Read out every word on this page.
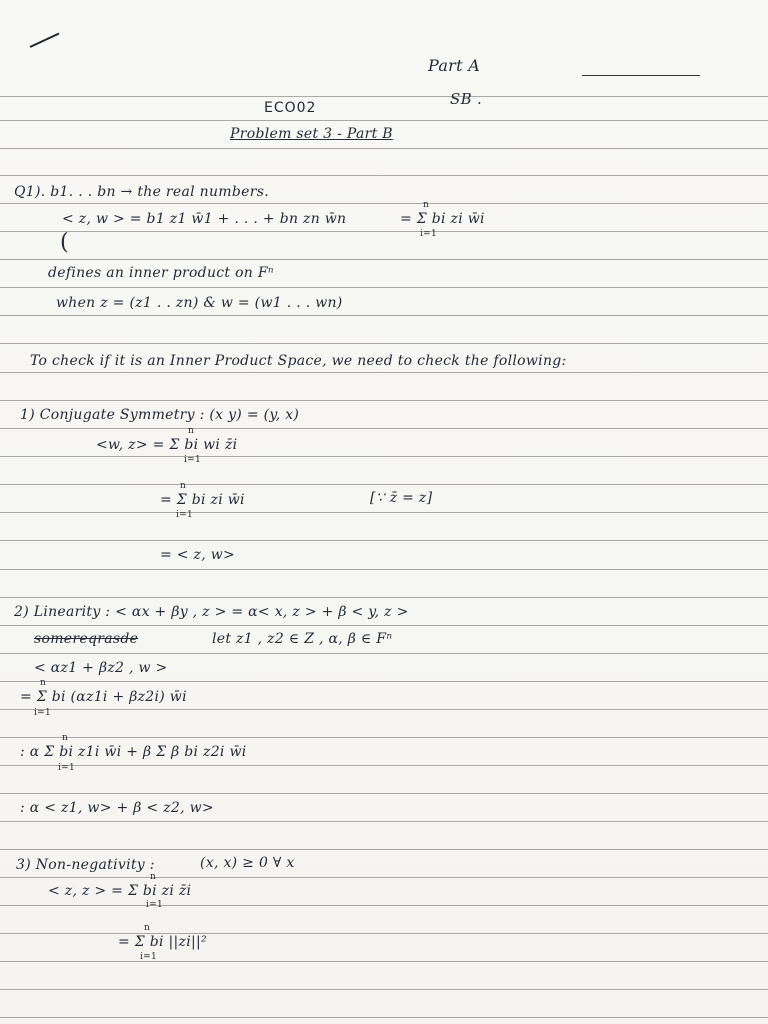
Part A
SB .
ECO02
Problem set 3 - Part B
Q1). b1. . . bn → the real numbers.
< z, w > = b1 z1 w̄1 + . . . + bn zn w̄n	= Σ bi zi w̄i
(
defines an inner product on Fⁿ
when z = (z1 . . zn) & w = (w1 . . . wn)
To check if it is an Inner Product Space, we need to check the following:
1) Conjugate Symmetry : (x y) = (y, x)
<w, z> = Σ bi wi z̄i
= Σ bi zi w̄i	[∵ z̄̄ = z]
= < z, w>
2) Linearity : < αx + βy , z > = α< x, z > + β < y, z >
somereqrasde	let z1 , z2 ∈ Z , α, β ∈ Fⁿ
< αz1 + βz2 , w >
= Σ bi (αz1i + βz2i) w̄i
: α Σ bi z1i w̄i + β Σ β bi z2i w̄i
: α < z1, w> + β < z2, w>
3) Non-negativity :	(x, x) ≥ 0 ∀ x
< z, z > = Σ bi zi z̄i
= Σ bi ||zi||²
n
i=1
n
i=1
n
i=1
n
i=1
n
i=1
n
i=1
n
i=1
